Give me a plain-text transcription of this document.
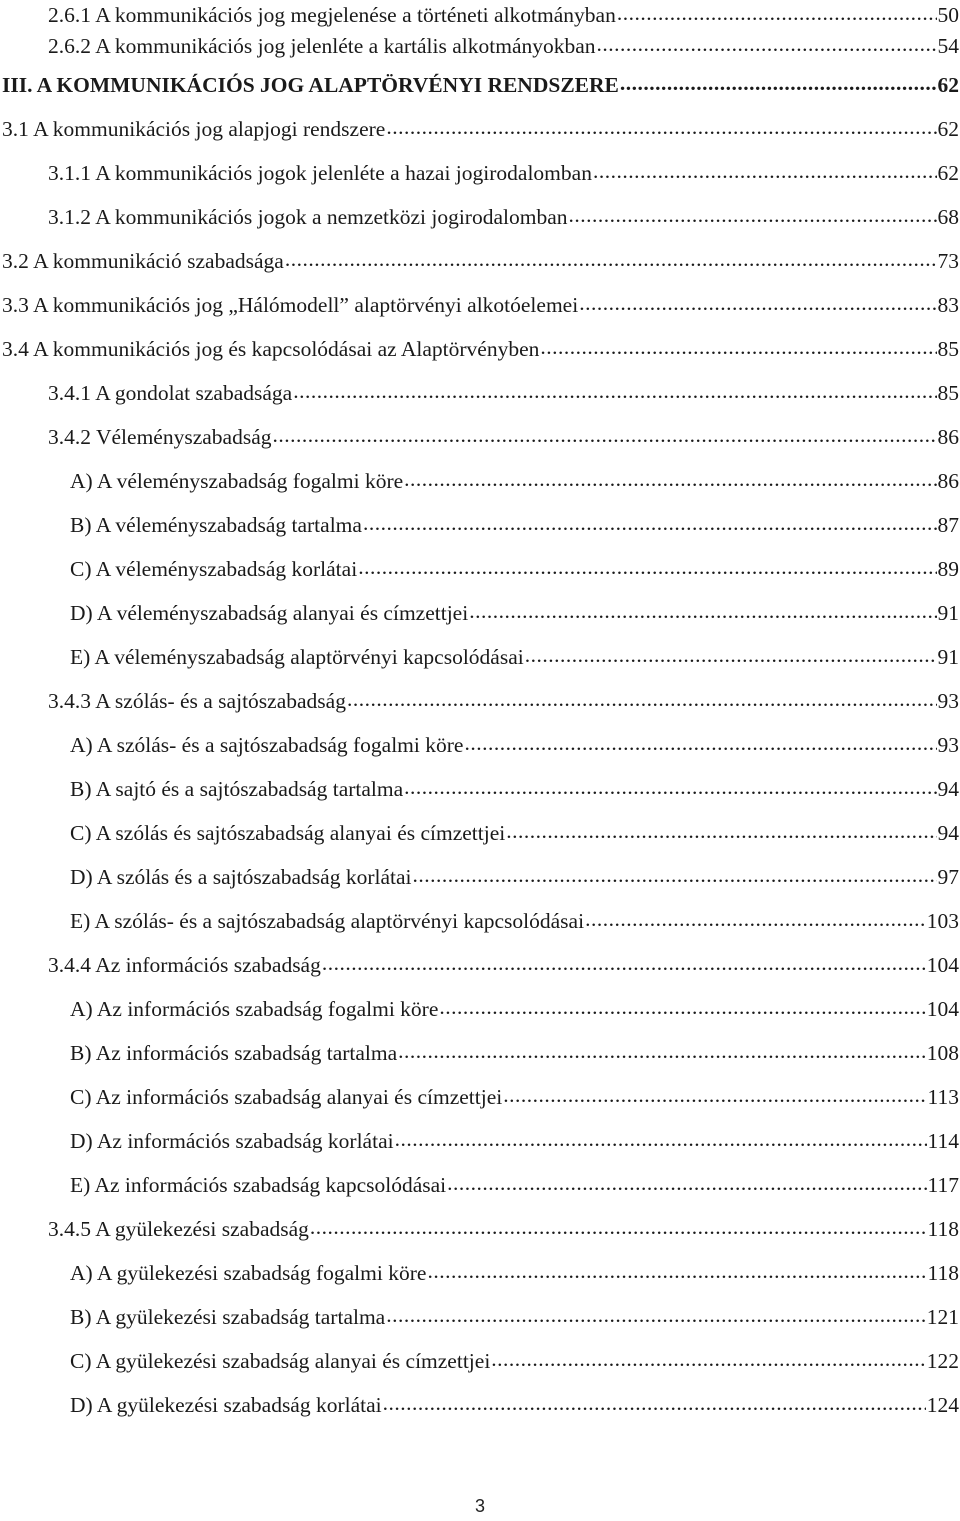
2.6.1 A kommunikációs jog megjelenése a történeti alkotmányban .....	50
2.6.2 A kommunikációs jog jelenléte a kartális alkotmányokban .....	54
III. A KOMMUNIKÁCIÓS JOG ALAPTÖRVÉNYI RENDSZERE .....	62
3.1 A kommunikációs jog alapjogi rendszere .....	62
3.1.1 A kommunikációs jogok jelenléte a hazai jogirodalomban .....	62
3.1.2 A kommunikációs jogok a nemzetközi jogirodalomban .....	68
3.2 A kommunikáció szabadsága .....	73
3.3 A kommunikációs jog „Hálómodell” alaptörvényi alkotóelemei .....	83
3.4 A kommunikációs jog és kapcsolódásai az Alaptörvényben .....	85
3.4.1 A gondolat szabadsága .....	85
3.4.2 Véleményszabadság .....	86
A) A véleményszabadság fogalmi köre .....	86
B) A véleményszabadság tartalma .....	87
C) A véleményszabadság korlátai .....	89
D) A véleményszabadság alanyai és címzettjei .....	91
E) A véleményszabadság alaptörvényi kapcsolódásai .....	91
3.4.3 A szólás- és a sajtószabadság .....	93
A) A szólás- és a sajtószabadság fogalmi köre .....	93
B) A sajtó és a sajtószabadság tartalma .....	94
C) A szólás és sajtószabadság alanyai és címzettjei .....	94
D) A szólás és a sajtószabadság korlátai .....	97
E) A szólás- és a sajtószabadság alaptörvényi kapcsolódásai .....	103
3.4.4 Az információs szabadság .....	104
A) Az információs szabadság fogalmi köre .....	104
B) Az információs szabadság tartalma .....	108
C) Az információs szabadság alanyai és címzettjei .....	113
D) Az információs szabadság korlátai .....	114
E) Az információs szabadság kapcsolódásai .....	117
3.4.5 A gyülekezési szabadság .....	118
A) A gyülekezési szabadság fogalmi köre .....	118
B) A gyülekezési szabadság tartalma .....	121
C) A gyülekezési szabadság alanyai és címzettjei .....	122
D) A gyülekezési szabadság korlátai .....	124
3
